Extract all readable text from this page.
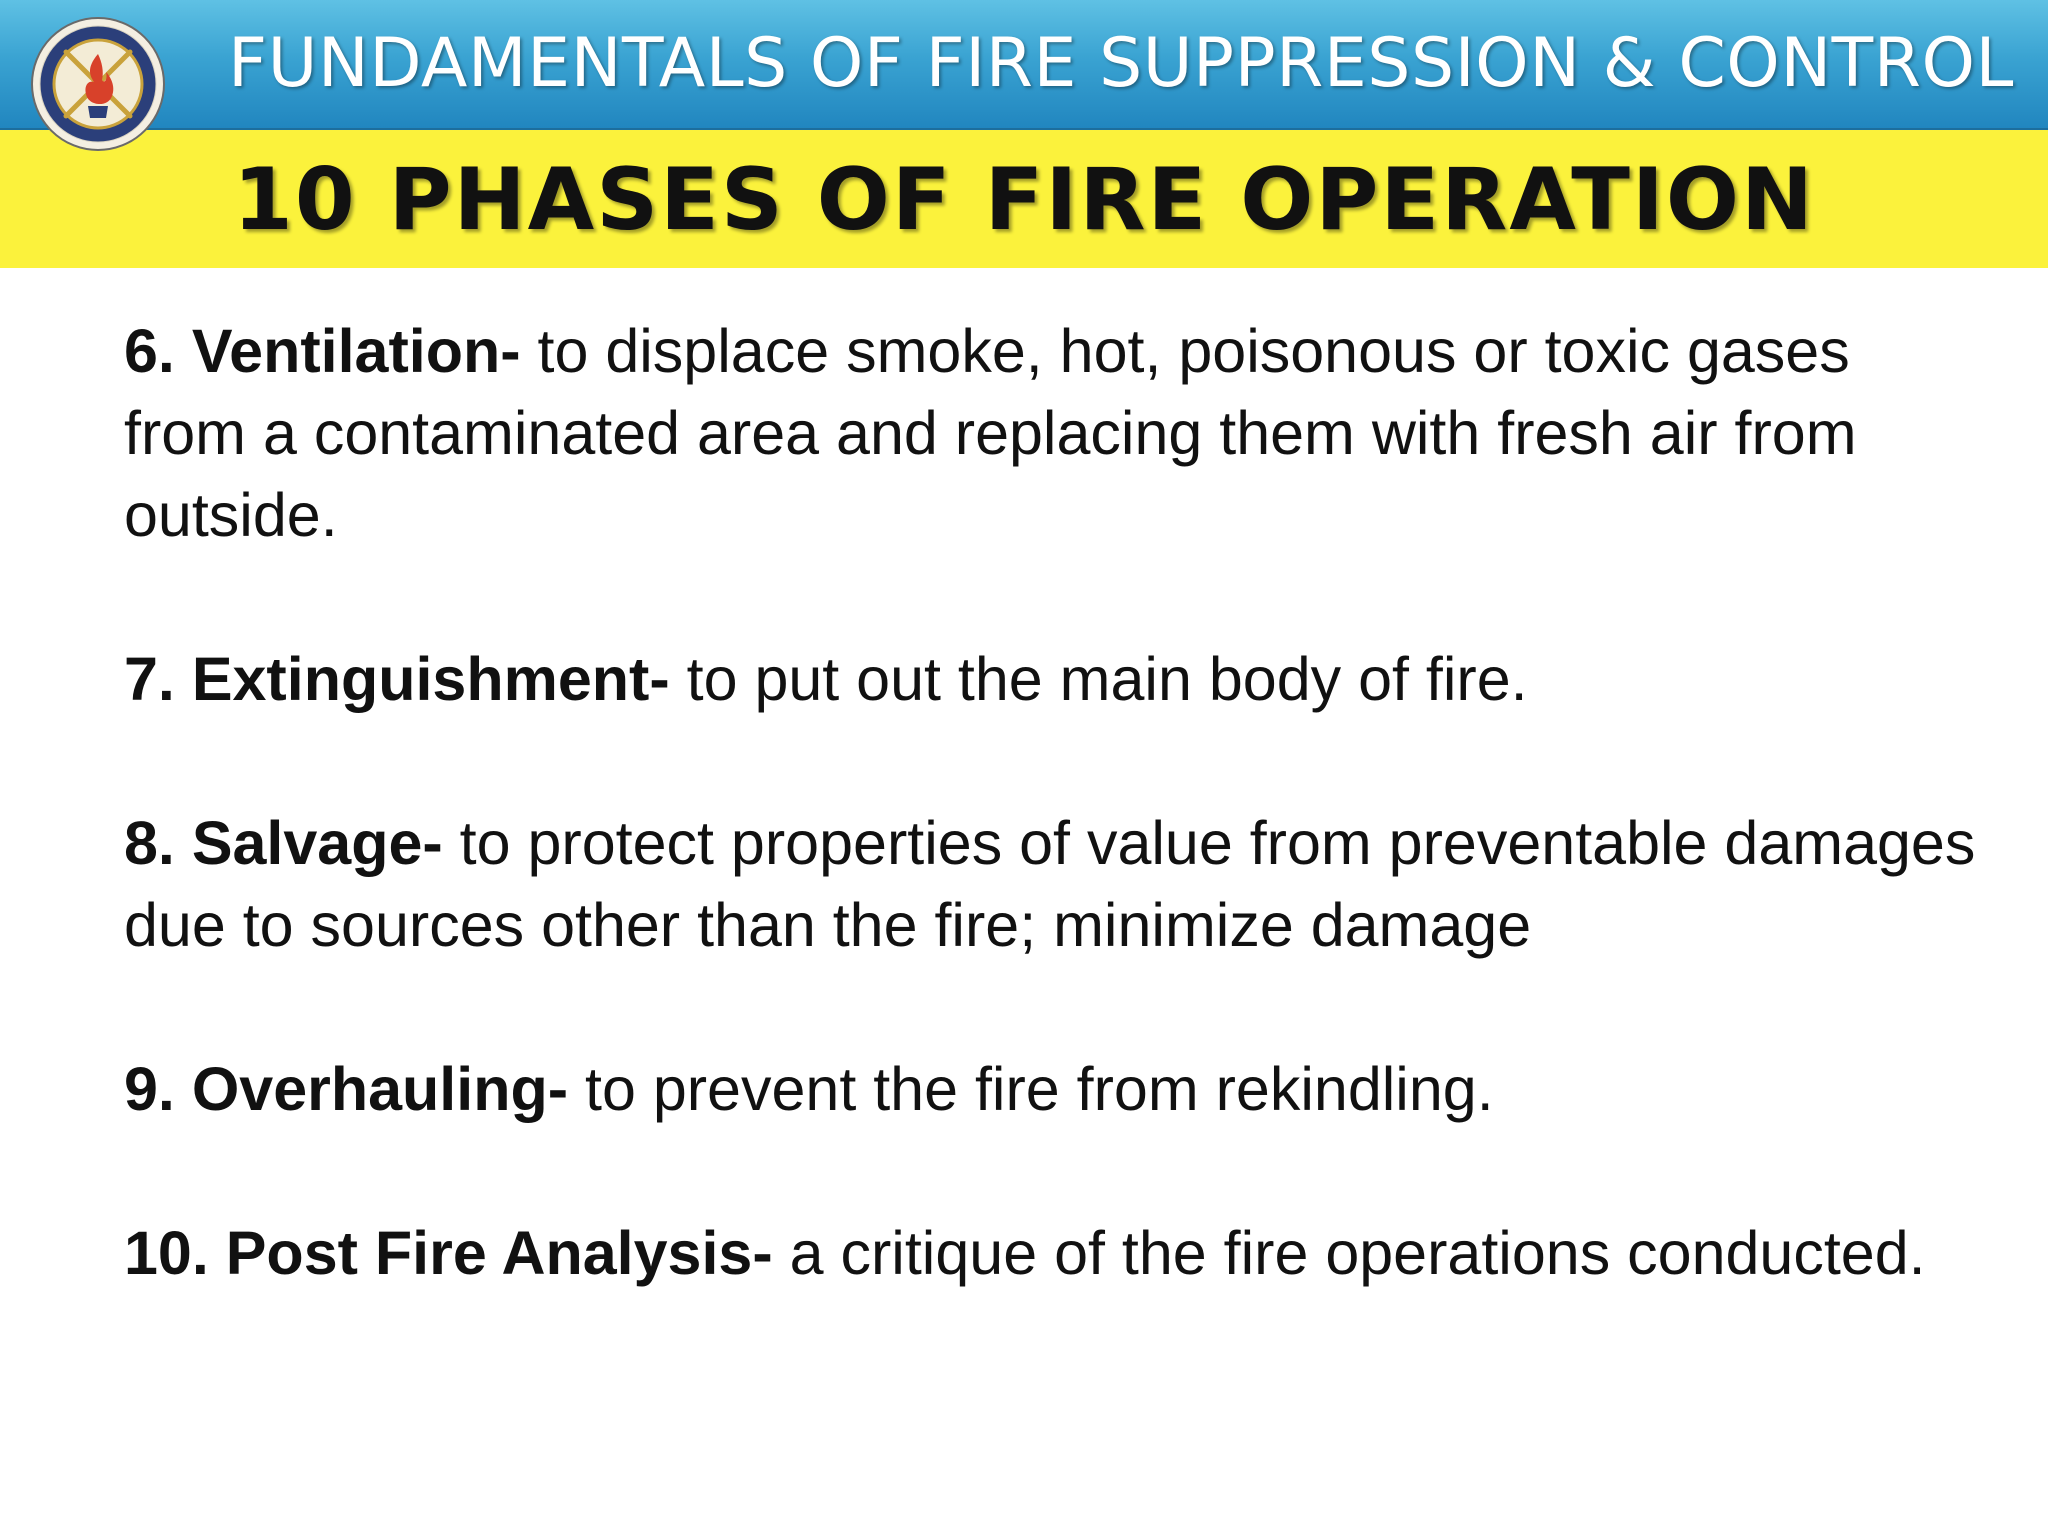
FUNDAMENTALS OF FIRE SUPPRESSION & CONTROL
10 PHASES OF FIRE OPERATION

6. Ventilation- to displace smoke, hot, poisonous or toxic gases from a contaminated area and replacing them with fresh air from outside.

7. Extinguishment- to put out the main body of fire.

8. Salvage- to protect properties of value from preventable damages due to sources other than the fire; minimize damage

9. Overhauling- to prevent the fire from rekindling.

10. Post Fire Analysis- a critique of the fire operations conducted.
